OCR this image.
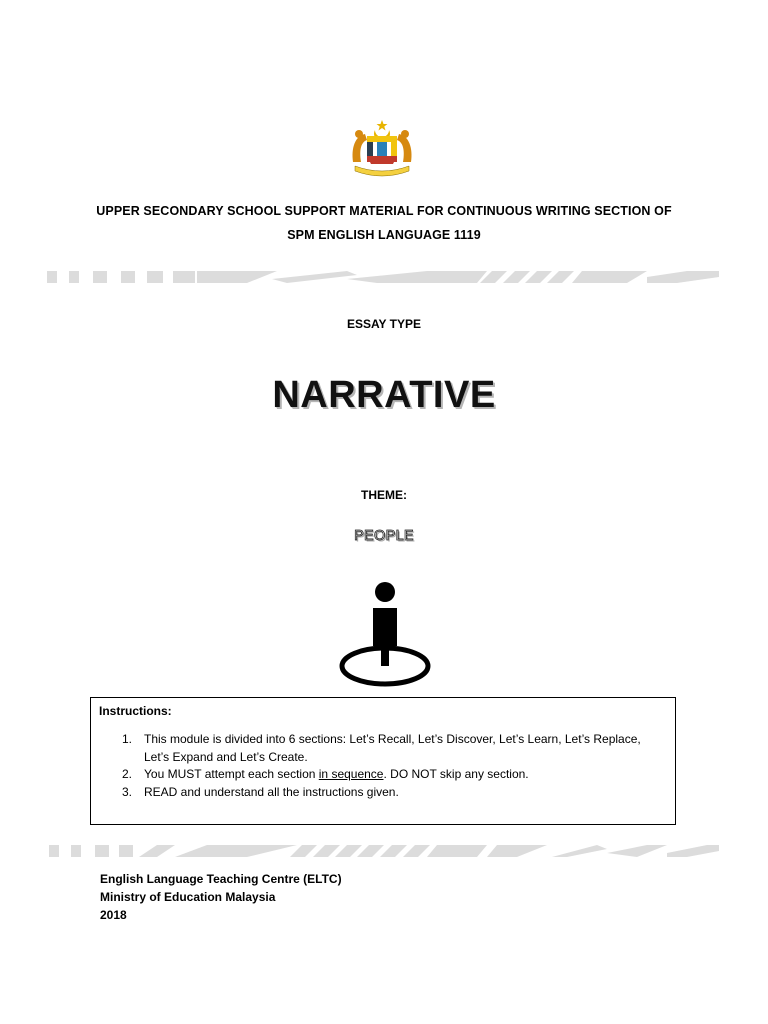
UPPER SECONDARY SCHOOL SUPPORT MATERIAL FOR CONTINUOUS WRITING SECTION OF
SPM ENGLISH LANGUAGE 1119
ESSAY TYPE
NARRATIVE
THEME:
PEOPLE
Instructions:
1. This module is divided into 6 sections: Let’s Recall, Let’s Discover, Let’s Learn, Let’s Replace, Let’s Expand and Let’s Create.
2. You MUST attempt each section in sequence. DO NOT skip any section.
3. READ and understand all the instructions given.
English Language Teaching Centre (ELTC)
Ministry of Education Malaysia
2018
